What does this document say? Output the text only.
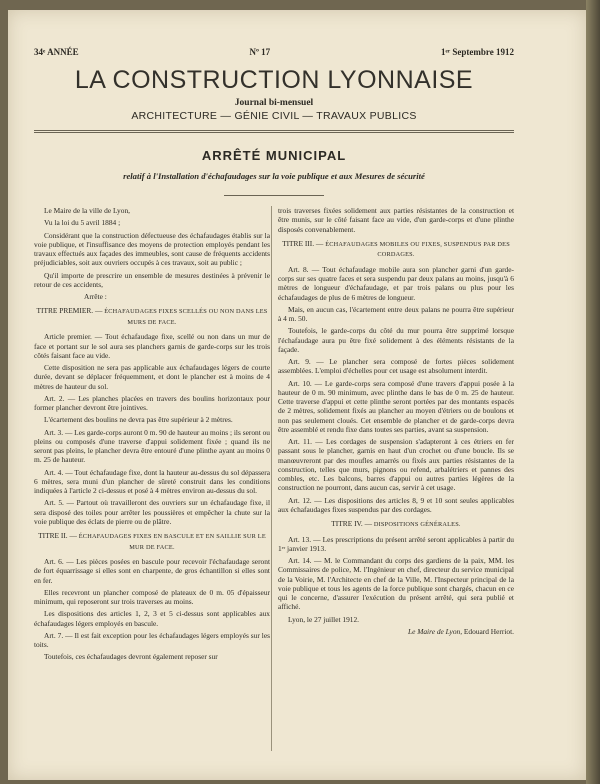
34ᵉ ANNÉE	Nº 17	1ᵉʳ Septembre 1912
LA CONSTRUCTION LYONNAISE
Journal bi-mensuel
ARCHITECTURE — GÉNIE CIVIL — TRAVAUX PUBLICS
ARRÊTÉ MUNICIPAL
relatif à l'Installation d'échafaudages sur la voie publique et aux Mesures de sécurité

Le Maire de la ville de Lyon,

Vu la loi du 5 avril 1884 ;

Considérant que la construction défectueuse des échafaudages établis sur la voie publique, et l'insuffisance des moyens de protection employés pendant les travaux effectués aux façades des immeubles, sont cause de fréquents accidents préjudiciables, soit aux ouvriers occupés à ces travaux, soit au public ;

Qu'il importe de prescrire un ensemble de mesures destinées à prévenir le retour de ces accidents,

Arrête :

TITRE PREMIER. — ÉCHAFAUDAGES FIXES SCELLÉS OU NON DANS LES MURS DE FACE.

Article premier. — Tout échafaudage fixe, scellé ou non dans un mur de face et portant sur le sol aura ses planchers garnis de garde-corps sur les trois côtés faisant face au vide.

Cette disposition ne sera pas applicable aux échafaudages légers de courte durée, devant se déplacer fréquemment, et dont le plancher est à moins de 4 mètres de hauteur du sol.

Art. 2. — Les planches placées en travers des boulins horizontaux pour former plancher devront être jointives.

L'écartement des boulins ne devra pas être supérieur à 2 mètres.

Art. 3. — Les garde-corps auront 0 m. 90 de hauteur au moins ; ils seront ou pleins ou composés d'une traverse d'appui solidement fixée ; quand ils ne seront pas pleins, le plancher devra être entouré d'une plinthe ayant au moins 0 m. 25 de hauteur.

Art. 4. — Tout échafaudage fixe, dont la hauteur au-dessus du sol dépassera 6 mètres, sera muni d'un plancher de sûreté construit dans les conditions indiquées à l'article 2 ci-dessus et posé à 4 mètres environ au-dessus du sol.

Art. 5. — Partout où travailleront des ouvriers sur un échafaudage fixe, il sera disposé des toiles pour arrêter les poussières et empêcher la chute sur la voie publique des éclats de pierre ou de plâtre.

TITRE II. — ÉCHAFAUDAGES FIXES EN BASCULE ET EN SAILLIE SUR LE MUR DE FACE.

Art. 6. — Les pièces posées en bascule pour recevoir l'échafaudage seront de fort équarrissage si elles sont en charpente, de gros échantillon si elles sont en fer.

Elles recevront un plancher composé de plateaux de 0 m. 05 d'épaisseur minimum, qui reposeront sur trois traverses au moins.

Les dispositions des articles 1, 2, 3 et 5 ci-dessus sont applicables aux échafaudages légers employés en bascule.

Art. 7. — Il est fait exception pour les échafaudages légers employés sur les toits.

Toutefois, ces échafaudages devront également reposer sur

trois traverses fixées solidement aux parties résistantes de la construction et être munis, sur le côté faisant face au vide, d'un garde-corps et d'une plinthe disposés convenablement.

TITRE III. — ÉCHAFAUDAGES MOBILES OU FIXES, SUSPENDUS PAR DES CORDAGES.

Art. 8. — Tout échafaudage mobile aura son plancher garni d'un garde-corps sur ses quatre faces et sera suspendu par deux palans au moins, jusqu'à 6 mètres de longueur d'échafaudage, et par trois palans ou plus pour les échafaudages de plus de 6 mètres de longueur.

Mais, en aucun cas, l'écartement entre deux palans ne pourra être supérieur à 4 m. 50.

Toutefois, le garde-corps du côté du mur pourra être supprimé lorsque l'échafaudage aura pu être fixé solidement à des éléments résistants de la façade.

Art. 9. — Le plancher sera composé de fortes pièces solidement assemblées. L'emploi d'échelles pour cet usage est absolument interdit.

Art. 10. — Le garde-corps sera composé d'une travers d'appui posée à la hauteur de 0 m. 90 minimum, avec plinthe dans le bas de 0 m. 25 de hauteur. Cette traverse d'appui et cette plinthe seront portées par des montants espacés de 2 mètres, solidement fixés au plancher au moyen d'étriers ou de boulons et non pas seulement cloués. Cet ensemble de plancher et de garde-corps devra être assemblé et rendu fixe dans toutes ses parties, avant sa suspension.

Art. 11. — Les cordages de suspension s'adapteront à ces étriers en fer passant sous le plancher, garnis en haut d'un crochet ou d'une boucle. Ils se manœuvreront par des moufles amarrés ou fixés aux parties résistantes de la construction, telles que murs, pignons ou refend, arbalétriers et pannes des combles, etc. Les balcons, barres d'appui ou autres parties légères de la construction ne pourront, dans aucun cas, servir à cet usage.

Art. 12. — Les dispositions des articles 8, 9 et 10 sont seules applicables aux échafaudages fixes suspendus par des cordages.

TITRE IV. — DISPOSITIONS GÉNÉRALES.

Art. 13. — Les prescriptions du présent arrêté seront applicables à partir du 1ᵉʳ janvier 1913.

Art. 14. — M. le Commandant du corps des gardiens de la paix, MM. les Commissaires de police, M. l'Ingénieur en chef, directeur du service municipal de la Voirie, M. l'Architecte en chef de la Ville, M. l'Inspecteur principal de la voie publique et tous les agents de la force publique sont chargés, chacun en ce qui le concerne, d'assurer l'exécution du présent arrêté, qui sera publié et affiché.

Lyon, le 27 juillet 1912.

Le Maire de Lyon, Edouard Herriot.
